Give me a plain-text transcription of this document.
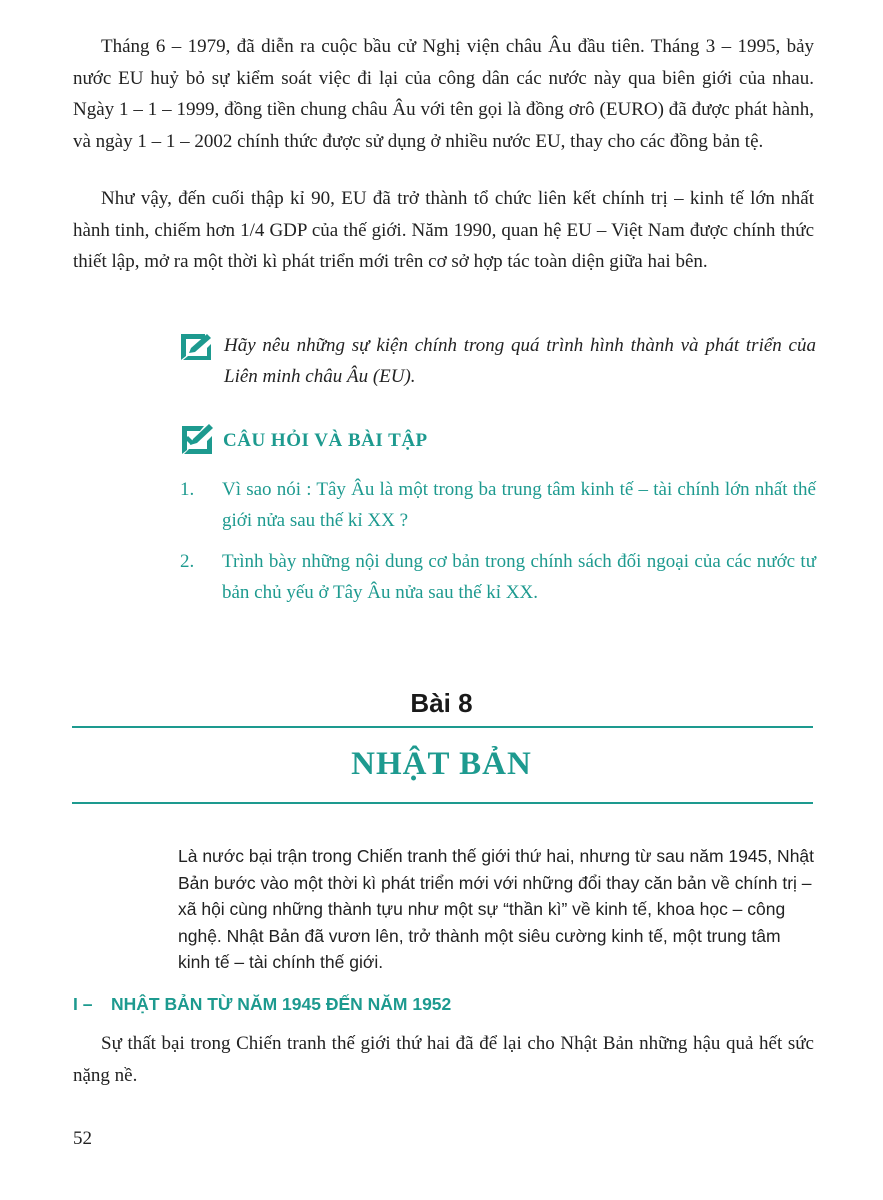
Tháng 6 – 1979, đã diễn ra cuộc bầu cử Nghị viện châu Âu đầu tiên. Tháng 3 – 1995, bảy nước EU huỷ bỏ sự kiểm soát việc đi lại của công dân các nước này qua biên giới của nhau. Ngày 1 – 1 – 1999, đồng tiền chung châu Âu với tên gọi là đồng ơrô (EURO) đã được phát hành, và ngày 1 – 1 – 2002 chính thức được sử dụng ở nhiều nước EU, thay cho các đồng bản tệ.

Như vậy, đến cuối thập kỉ 90, EU đã trở thành tổ chức liên kết chính trị – kinh tế lớn nhất hành tinh, chiếm hơn 1/4 GDP của thế giới. Năm 1990, quan hệ EU – Việt Nam được chính thức thiết lập, mở ra một thời kì phát triển mới trên cơ sở hợp tác toàn diện giữa hai bên.

Hãy nêu những sự kiện chính trong quá trình hình thành và phát triển của Liên minh châu Âu (EU).

CÂU HỎI VÀ BÀI TẬP
1. Vì sao nói : Tây Âu là một trong ba trung tâm kinh tế – tài chính lớn nhất thế giới nửa sau thế kỉ XX ?
2. Trình bày những nội dung cơ bản trong chính sách đối ngoại của các nước tư bản chủ yếu ở Tây Âu nửa sau thế kỉ XX.
Bài 8
NHẬT BẢN

Là nước bại trận trong Chiến tranh thế giới thứ hai, nhưng từ sau năm 1945, Nhật Bản bước vào một thời kì phát triển mới với những đổi thay căn bản về chính trị – xã hội cùng những thành tựu như một sự “thần kì” về kinh tế, khoa học – công nghệ. Nhật Bản đã vươn lên, trở thành một siêu cường kinh tế, một trung tâm kinh tế – tài chính thế giới.

I – NHẬT BẢN TỪ NĂM 1945 ĐẾN NĂM 1952

Sự thất bại trong Chiến tranh thế giới thứ hai đã để lại cho Nhật Bản những hậu quả hết sức nặng nề.

52
